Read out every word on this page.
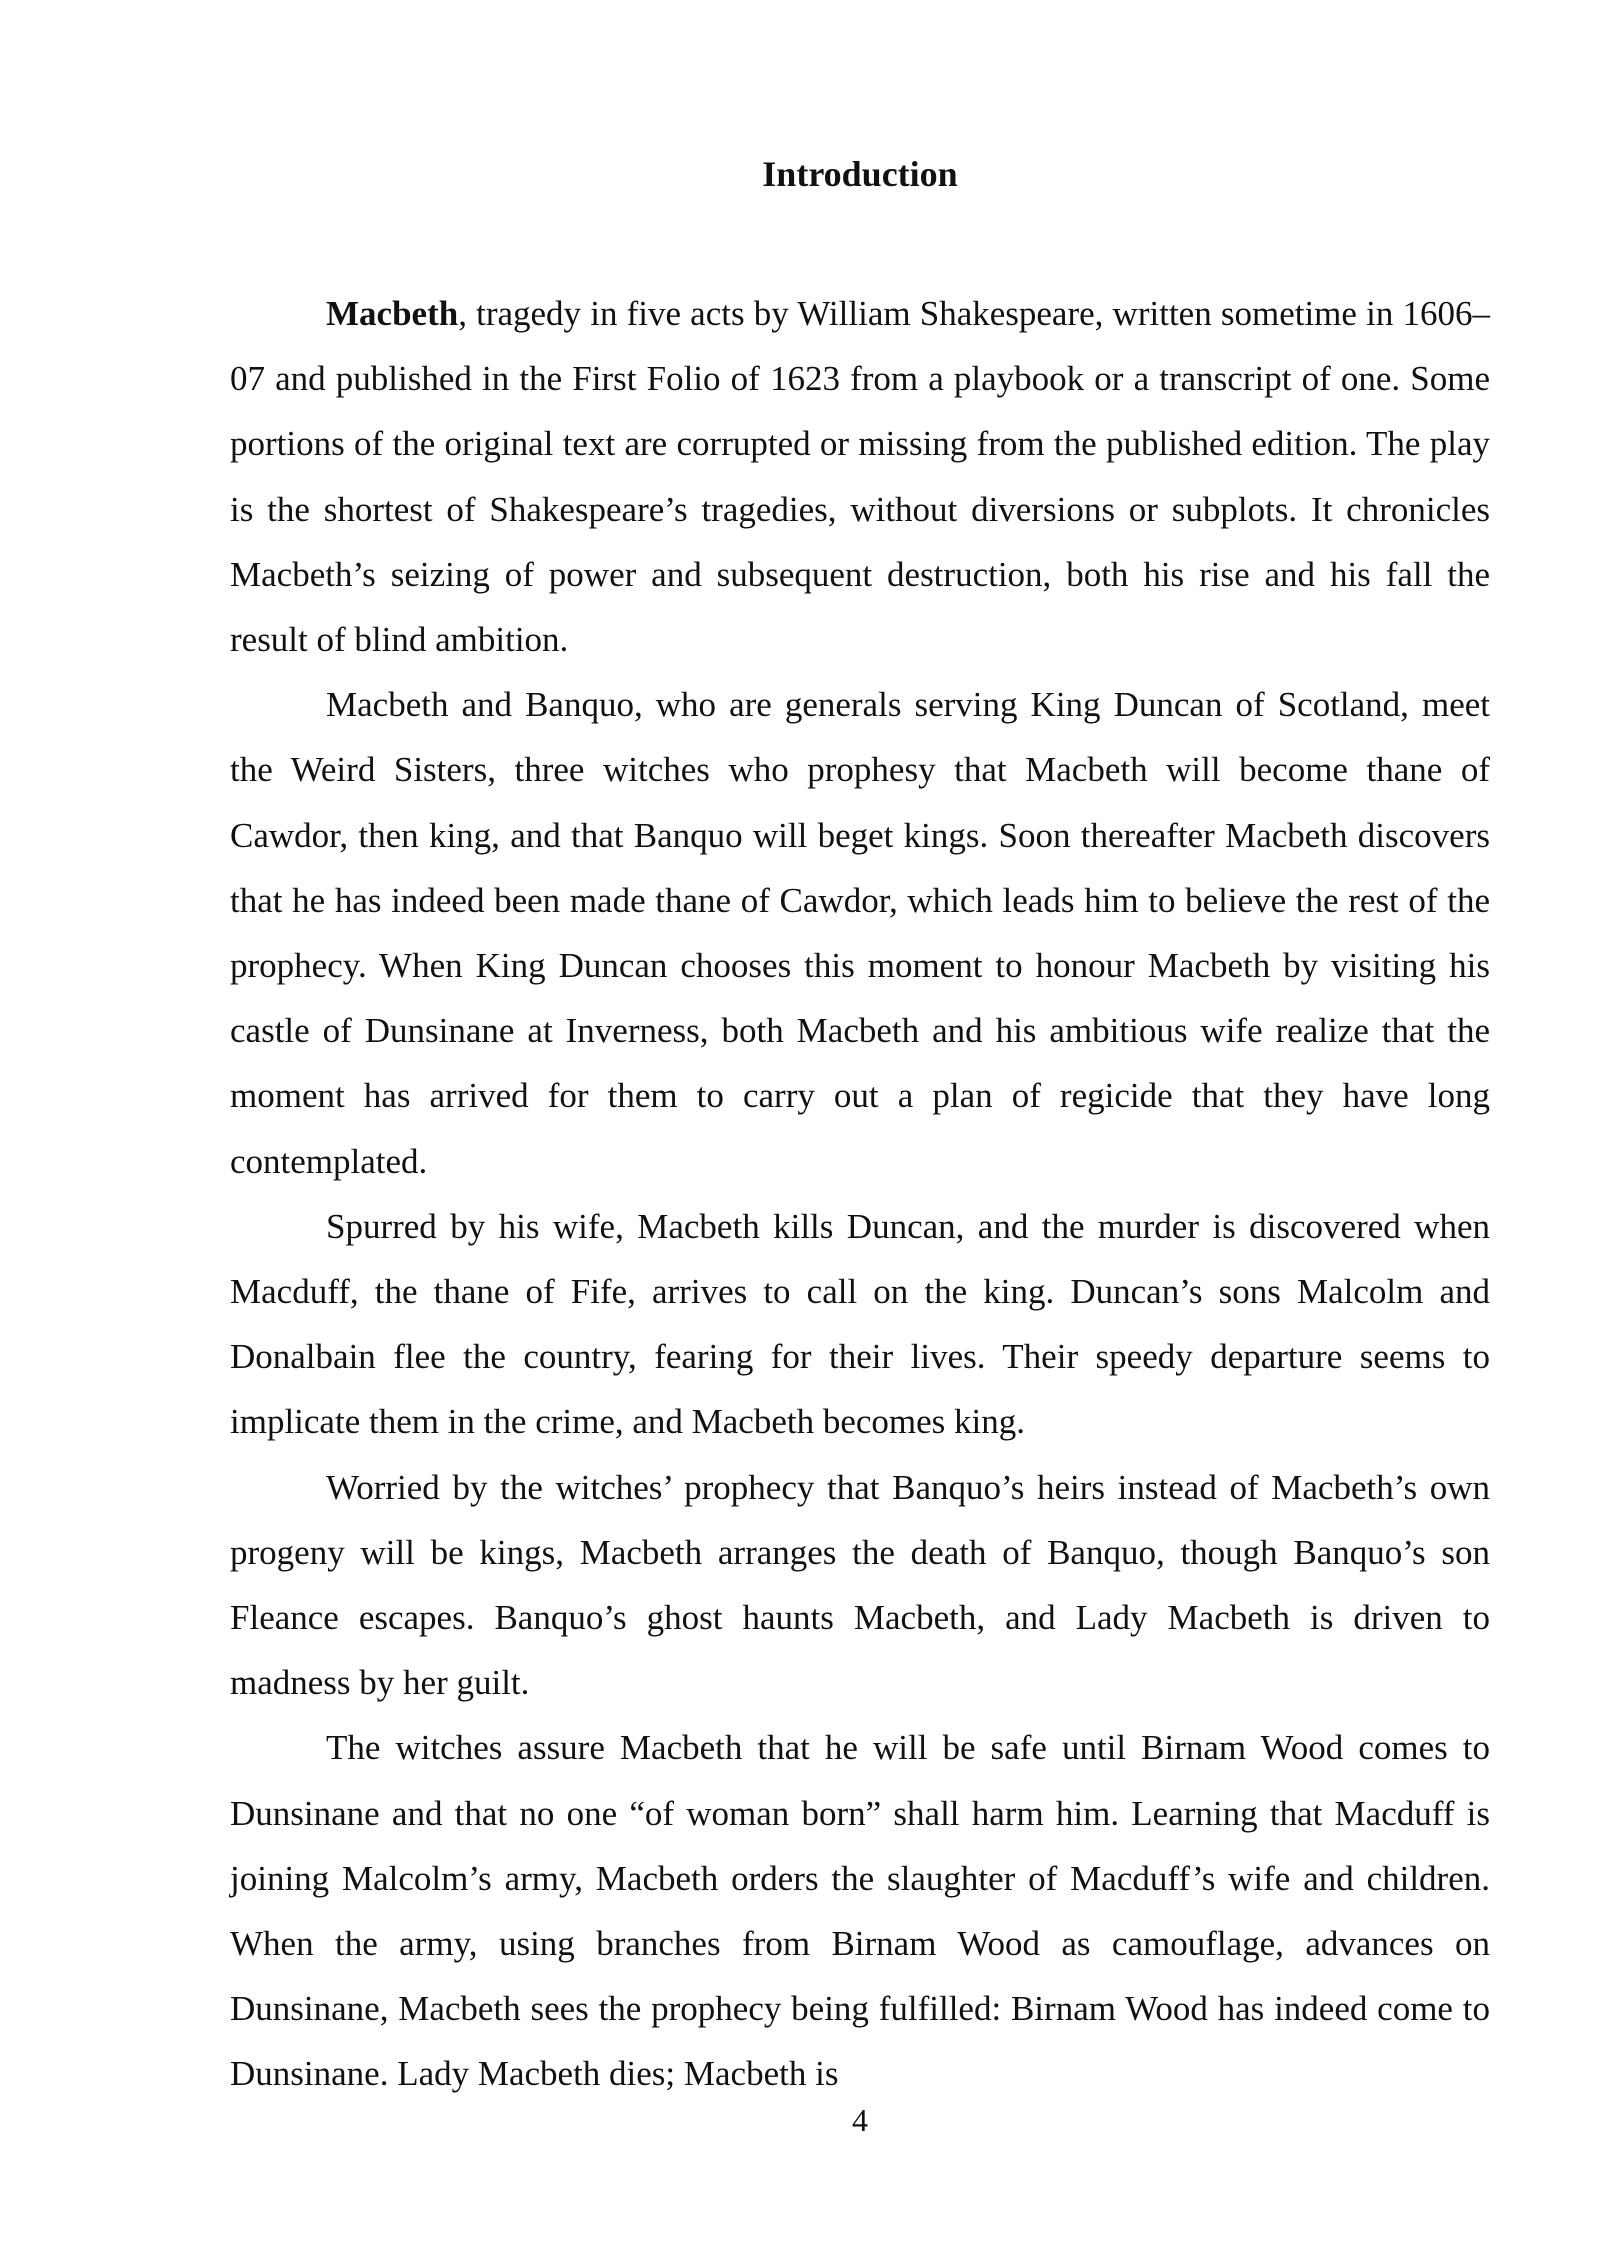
Introduction

Macbeth, tragedy in five acts by William Shakespeare, written sometime in 1606–07 and published in the First Folio of 1623 from a playbook or a transcript of one. Some portions of the original text are corrupted or missing from the published edition. The play is the shortest of Shakespeare’s tragedies, without diversions or subplots. It chronicles Macbeth’s seizing of power and subsequent destruction, both his rise and his fall the result of blind ambition.

Macbeth and Banquo, who are generals serving King Duncan of Scotland, meet the Weird Sisters, three witches who prophesy that Macbeth will become thane of Cawdor, then king, and that Banquo will beget kings. Soon thereafter Macbeth discovers that he has indeed been made thane of Cawdor, which leads him to believe the rest of the prophecy. When King Duncan chooses this moment to honour Macbeth by visiting his castle of Dunsinane at Inverness, both Macbeth and his ambitious wife realize that the moment has arrived for them to carry out a plan of regicide that they have long contemplated.

Spurred by his wife, Macbeth kills Duncan, and the murder is discovered when Macduff, the thane of Fife, arrives to call on the king. Duncan’s sons Malcolm and Donalbain flee the country, fearing for their lives. Their speedy departure seems to implicate them in the crime, and Macbeth becomes king.

Worried by the witches’ prophecy that Banquo’s heirs instead of Macbeth’s own progeny will be kings, Macbeth arranges the death of Banquo, though Banquo’s son Fleance escapes. Banquo’s ghost haunts Macbeth, and Lady Macbeth is driven to madness by her guilt.

The witches assure Macbeth that he will be safe until Birnam Wood comes to Dunsinane and that no one “of woman born” shall harm him. Learning that Macduff is joining Malcolm’s army, Macbeth orders the slaughter of Macduff’s wife and children. When the army, using branches from Birnam Wood as camouflage, advances on Dunsinane, Macbeth sees the prophecy being fulfilled: Birnam Wood has indeed come to Dunsinane. Lady Macbeth dies; Macbeth is

4
